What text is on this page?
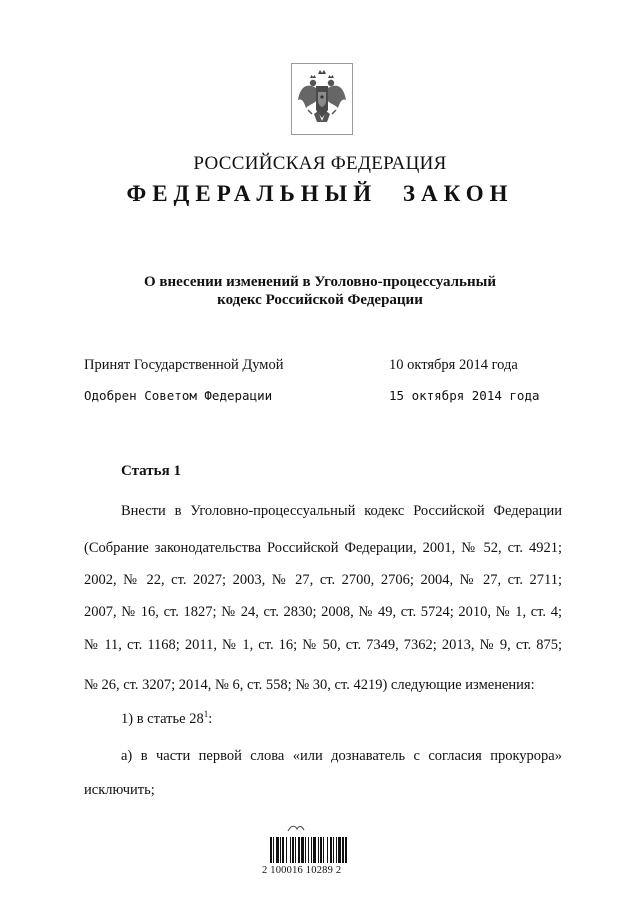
РОССИЙСКАЯ ФЕДЕРАЦИЯ
ФЕДЕРАЛЬНЫЙ ЗАКОН
О внесении изменений в Уголовно-процессуальный
кодекс Российской Федерации
Принят Государственной Думой	10 октября 2014 года
Одобрен Советом Федерации	15 октября 2014 года
Статья 1
Внести в Уголовно-процессуальный кодекс Российской Федерации
(Собрание законодательства Российской Федерации, 2001, № 52, ст. 4921;
2002, № 22, ст. 2027; 2003, № 27, ст. 2700, 2706; 2004, № 27, ст. 2711;
2007, № 16, ст. 1827; № 24, ст. 2830; 2008, № 49, ст. 5724; 2010, № 1, ст. 4;
№ 11, ст. 1168; 2011, № 1, ст. 16; № 50, ст. 7349, 7362; 2013, № 9, ст. 875;
№ 26, ст. 3207; 2014, № 6, ст. 558; № 30, ст. 4219) следующие изменения:
1) в статье $28^1$:
а) в части первой слова «или дознаватель с согласия прокурора»
исключить;
2 100016 10289 2
